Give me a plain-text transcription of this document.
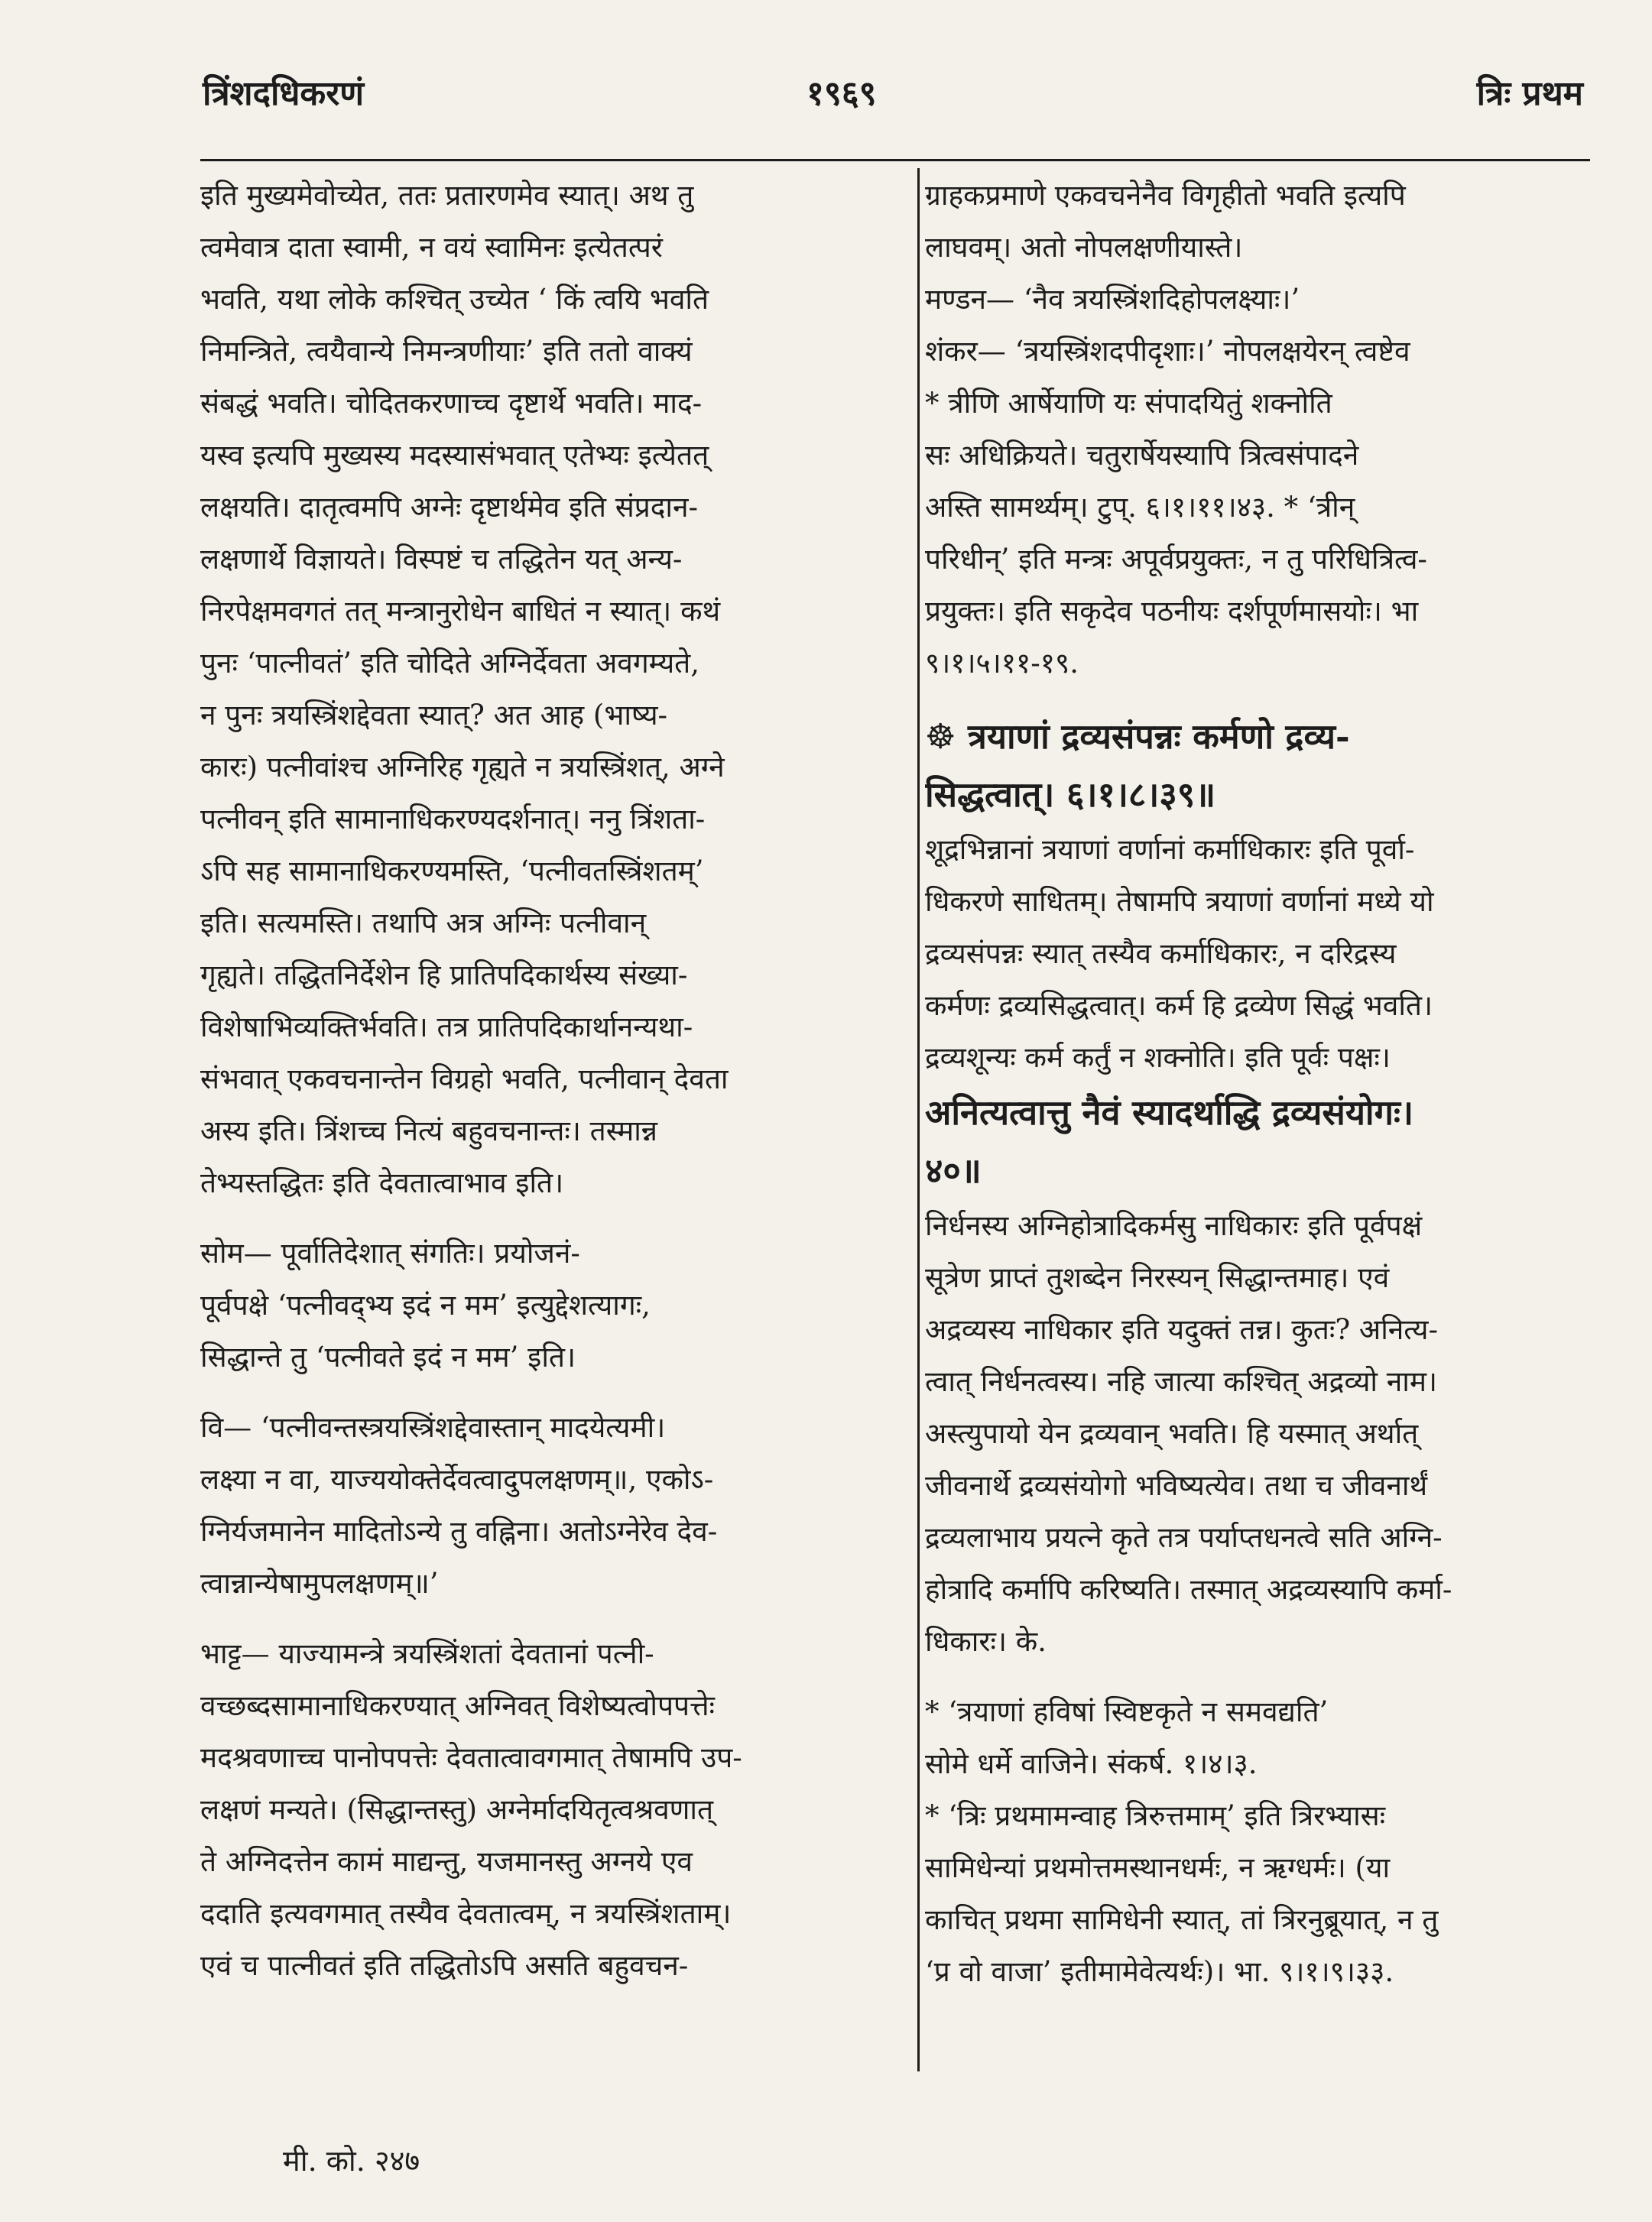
त्रिंशदधिकरणं	१९६९	त्रिः प्रथम
इति मुख्यमेवोच्येत, ततः प्रतारणमेव स्यात्। अथ तु
त्वमेवात्र दाता स्वामी, न वयं स्वामिनः इत्येतत्परं
भवति, यथा लोके कश्चित् उच्येत ‘ किं त्वयि भवति
निमन्त्रिते, त्वयैवान्ये निमन्त्रणीयाः’ इति ततो वाक्यं
संबद्धं भवति। चोदितकरणाच्च दृष्टार्थे भवति। माद-
यस्व इत्यपि मुख्यस्य मदस्यासंभवात् एतेभ्यः इत्येतत्
लक्षयति। दातृत्वमपि अग्नेः दृष्टार्थमेव इति संप्रदान-
लक्षणार्थे विज्ञायते। विस्पष्टं च तद्धितेन यत् अन्य-
निरपेक्षमवगतं तत् मन्त्रानुरोधेन बाधितं न स्यात्। कथं
पुनः ‘पात्नीवतं’ इति चोदिते अग्निर्देवता अवगम्यते,
न पुनः त्रयस्त्रिंशद्देवता स्यात्? अत आह (भाष्य-
कारः) पत्नीवांश्च अग्निरिह गृह्यते न त्रयस्त्रिंशत्, अग्ने
पत्नीवन् इति सामानाधिकरण्यदर्शनात्। ननु त्रिंशता-
ऽपि सह सामानाधिकरण्यमस्ति, ‘पत्नीवतस्त्रिंशतम्’
इति। सत्यमस्ति। तथापि अत्र अग्निः पत्नीवान्
गृह्यते। तद्धितनिर्देशेन हि प्रातिपदिकार्थस्य संख्या-
विशेषाभिव्यक्तिर्भवति। तत्र प्रातिपदिकार्थानन्यथा-
संभवात् एकवचनान्तेन विग्रहो भवति, पत्नीवान् देवता
अस्य इति। त्रिंशच्च नित्यं बहुवचनान्तः। तस्मान्न
तेभ्यस्तद्धितः इति देवतात्वाभाव इति।
सोम— पूर्वातिदेशात् संगतिः। प्रयोजनं-
पूर्वपक्षे ‘पत्नीवद्भ्य इदं न मम’ इत्युद्देशत्यागः,
सिद्धान्ते तु ‘पत्नीवते इदं न मम’ इति।
वि— ‘पत्नीवन्तस्त्रयस्त्रिंशद्देवास्तान् मादयेत्यमी।
लक्ष्या न वा, याज्ययोक्तेर्देवत्वादुपलक्षणम्॥, एकोऽ-
ग्निर्यजमानेन मादितोऽन्ये तु वह्निना। अतोऽग्नेरेव देव-
त्वान्नान्येषामुपलक्षणम्॥’
भाट्ट— याज्यामन्त्रे त्रयस्त्रिंशतां देवतानां पत्नी-
वच्छब्दसामानाधिकरण्यात् अग्निवत् विशेष्यत्वोपपत्तेः
मदश्रवणाच्च पानोपपत्तेः देवतात्वावगमात् तेषामपि उप-
लक्षणं मन्यते। (सिद्धान्तस्तु) अग्नेर्मादयितृत्वश्रवणात्
ते अग्निदत्तेन कामं माद्यन्तु, यजमानस्तु अग्नये एव
ददाति इत्यवगमात् तस्यैव देवतात्वम्, न त्रयस्त्रिंशताम्।
एवं च पात्नीवतं इति तद्धितोऽपि असति बहुवचन-
ग्राहकप्रमाणे एकवचनेनैव विगृहीतो भवति इत्यपि
लाघवम्। अतो नोपलक्षणीयास्ते।
मण्डन— ‘नैव त्रयस्त्रिंशदिहोपलक्ष्याः।’
शंकर— ‘त्रयस्त्रिंशदपीदृशाः।’ नोपलक्षयेरन् त्वष्टेव
* त्रीणि आर्षेयाणि यः संपादयितुं शक्नोति
सः अधिक्रियते। चतुरार्षेयस्यापि त्रित्वसंपादने
अस्ति सामर्थ्यम्। टुप्. ६।१।११।४३. * ‘त्रीन्
परिधीन्’ इति मन्त्रः अपूर्वप्रयुक्तः, न तु परिधित्रित्व-
प्रयुक्तः। इति सकृदेव पठनीयः दर्शपूर्णमासयोः। भा
९।१।५।११-१९.
☸ त्रयाणां द्रव्यसंपन्नः कर्मणो द्रव्य-
सिद्धत्वात्। ६।१।८।३९॥
शूद्रभिन्नानां त्रयाणां वर्णानां कर्माधिकारः इति पूर्वा-
धिकरणे साधितम्। तेषामपि त्रयाणां वर्णानां मध्ये यो
द्रव्यसंपन्नः स्यात् तस्यैव कर्माधिकारः, न दरिद्रस्य
कर्मणः द्रव्यसिद्धत्वात्। कर्म हि द्रव्येण सिद्धं भवति।
द्रव्यशून्यः कर्म कर्तुं न शक्नोति। इति पूर्वः पक्षः।
अनित्यत्वात्तु नैवं स्यादर्थाद्धि द्रव्यसंयोगः।
४०॥
निर्धनस्य अग्निहोत्रादिकर्मसु नाधिकारः इति पूर्वपक्षं
सूत्रेण प्राप्तं तुशब्देन निरस्यन् सिद्धान्तमाह। एवं
अद्रव्यस्य नाधिकार इति यदुक्तं तन्न। कुतः? अनित्य-
त्वात् निर्धनत्वस्य। नहि जात्या कश्चित् अद्रव्यो नाम।
अस्त्युपायो येन द्रव्यवान् भवति। हि यस्मात् अर्थात्
जीवनार्थे द्रव्यसंयोगो भविष्यत्येव। तथा च जीवनार्थं
द्रव्यलाभाय प्रयत्ने कृते तत्र पर्याप्तधनत्वे सति अग्नि-
होत्रादि कर्मापि करिष्यति। तस्मात् अद्रव्यस्यापि कर्मा-
धिकारः। के.
* ‘त्रयाणां हविषां स्विष्टकृते न समवद्यति’
सोमे धर्मे वाजिने। संकर्ष. १।४।३.
* ‘त्रिः प्रथमामन्वाह त्रिरुत्तमाम्’ इति त्रिरभ्यासः
सामिधेन्यां प्रथमोत्तमस्थानधर्मः, न ऋग्धर्मः। (या
काचित् प्रथमा सामिधेनी स्यात्, तां त्रिरनुब्रूयात्, न तु
‘प्र वो वाजा’ इतीमामेवेत्यर्थः)। भा. ९।१।९।३३.
मी. को. २४७
